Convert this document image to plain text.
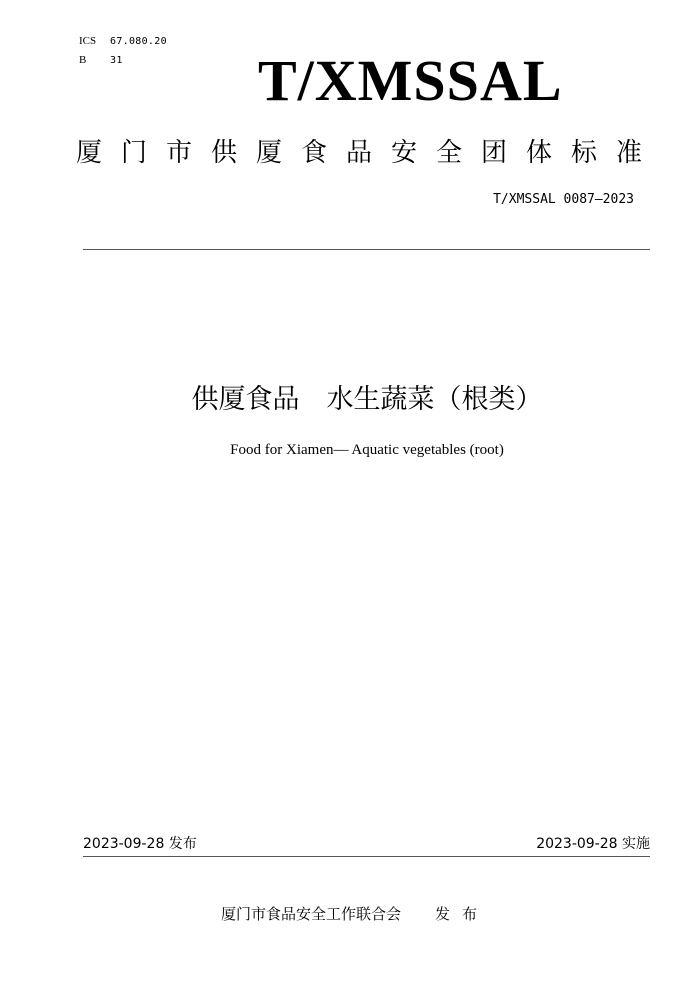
ICS 67.080.20
B 31 T/XMSSAL
厦门市供厦食品安全团体标准
T/XMSSAL 0087—2023
供厦食品　水生蔬菜（根类）
Food for Xiamen— Aquatic vegetables (root)
2023-09-28 发布	2023-09-28 实施
厦门市食品安全工作联合会 发布
